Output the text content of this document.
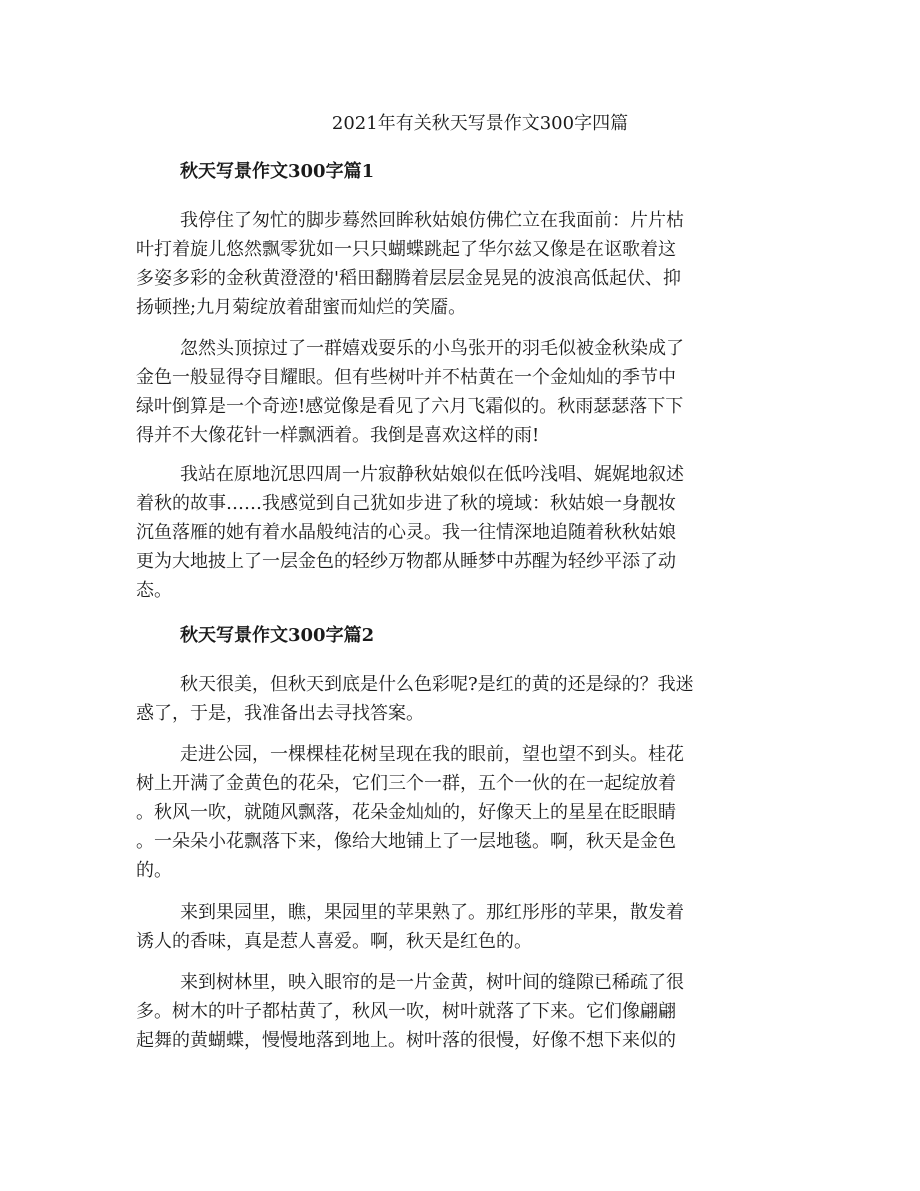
2021年有关秋天写景作文300字四篇
秋天写景作文300字篇1
我停住了匆忙的脚步蓦然回眸秋姑娘仿佛伫立在我面前：片片枯
叶打着旋儿悠然飘零犹如一只只蝴蝶跳起了华尔兹又像是在讴歌着这
多姿多彩的金秋黄澄澄的'稻田翻腾着层层金晃晃的波浪高低起伏、抑
扬顿挫;九月菊绽放着甜蜜而灿烂的笑靥。
忽然头顶掠过了一群嬉戏耍乐的小鸟张开的羽毛似被金秋染成了
金色一般显得夺目耀眼。但有些树叶并不枯黄在一个金灿灿的季节中
绿叶倒算是一个奇迹!感觉像是看见了六月飞霜似的。秋雨瑟瑟落下下
得并不大像花针一样飘洒着。我倒是喜欢这样的雨!
我站在原地沉思四周一片寂静秋姑娘似在低吟浅唱、娓娓地叙述
着秋的故事……我感觉到自己犹如步进了秋的境域：秋姑娘一身靓妆
沉鱼落雁的她有着水晶般纯洁的心灵。我一往情深地追随着秋秋姑娘
更为大地披上了一层金色的轻纱万物都从睡梦中苏醒为轻纱平添了动
态。
秋天写景作文300字篇2
秋天很美，但秋天到底是什么色彩呢?是红的黄的还是绿的？我迷
惑了，于是，我准备出去寻找答案。
走进公园，一棵棵桂花树呈现在我的眼前，望也望不到头。桂花
树上开满了金黄色的花朵，它们三个一群，五个一伙的在一起绽放着
。秋风一吹，就随风飘落，花朵金灿灿的，好像天上的星星在眨眼睛
。一朵朵小花飘落下来，像给大地铺上了一层地毯。啊，秋天是金色
的。
来到果园里，瞧，果园里的苹果熟了。那红彤彤的苹果，散发着
诱人的香味，真是惹人喜爱。啊，秋天是红色的。
来到树林里，映入眼帘的是一片金黄，树叶间的缝隙已稀疏了很
多。树木的叶子都枯黄了，秋风一吹，树叶就落了下来。它们像翩翩
起舞的黄蝴蝶，慢慢地落到地上。树叶落的很慢，好像不想下来似的
